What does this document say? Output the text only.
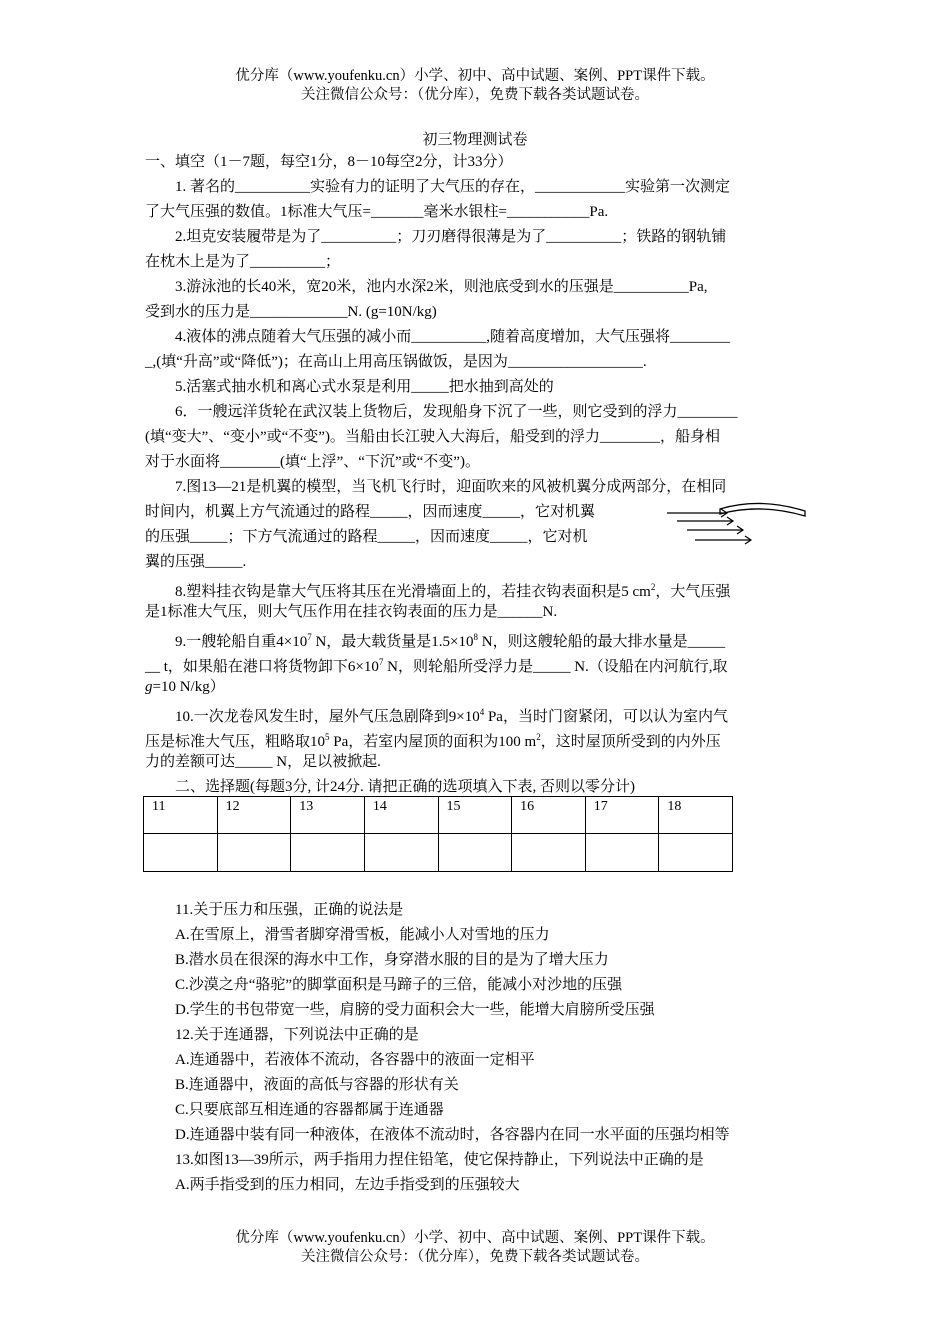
优分库（www.youfenku.cn）小学、初中、高中试题、案例、PPT课件下载。
关注微信公众号：（优分库），免费下载各类试题试卷。
初三物理测试卷
一、填空（1－7题，每空1分，8－10每空2分，计33分）
1. 著名的__________实验有力的证明了大气压的存在，____________实验第一次测定
了大气压强的数值。1标准大气压=_______毫米水银柱=___________Pa.
2.坦克安装履带是为了__________；刀刃磨得很薄是为了__________；铁路的钢轨铺
在枕木上是为了__________；
3.游泳池的长40米，宽20米，池内水深2米，则池底受到水的压强是__________Pa,
受到水的压力是_____________N. (g=10N/kg)
4.液体的沸点随着大气压强的减小而__________,随着高度增加，大气压强将________
_,(填“升高”或“降低”)；在高山上用高压锅做饭，是因为__________________.
5.活塞式抽水机和离心式水泵是利用_____把水抽到高处的
6．一艘远洋货轮在武汉装上货物后，发现船身下沉了一些，则它受到的浮力________
(填“变大”、“变小”或“不变”)。当船由长江驶入大海后，船受到的浮力________，船身相
对于水面将________(填“上浮”、“下沉”或“不变”)。
7.图13—21是机翼的模型，当飞机飞行时，迎面吹来的风被机翼分成两部分，在相同
时间内，机翼上方气流通过的路程_____，因而速度_____，它对机翼
的压强_____；下方气流通过的路程_____，因而速度_____，它对机
翼的压强_____.
8.塑料挂衣钩是靠大气压将其压在光滑墙面上的，若挂衣钩表面积是5 $cm^2$，大气压强
是1标准大气压，则大气压作用在挂衣钩表面的压力是______N.
9.一艘轮船自重$4\times 10^7$ N，最大载货量是$1.5\times 10^8$ N，则这艘轮船的最大排水量是_____
__ t，如果船在港口将货物卸下$6\times 10^7$ N，则轮船所受浮力是_____ N.（设船在内河航行,取
g=10 N/kg）
10.一次龙卷风发生时，屋外气压急剧降到$9\times 10^4$ Pa，当时门窗紧闭，可以认为室内气
压是标准大气压，粗略取$10^5$ Pa，若室内屋顶的面积为100 $m^2$，这时屋顶所受到的内外压
力的差额可达_____ N，足以被掀起.
二、选择题(每题3分, 计24分. 请把正确的选项填入下表, 否则以零分计)
11	12	13	14	15	16	17	18

11.关于压力和压强，正确的说法是
A.在雪原上，滑雪者脚穿滑雪板，能减小人对雪地的压力
B.潜水员在很深的海水中工作，身穿潜水服的目的是为了增大压力
C.沙漠之舟“骆驼”的脚掌面积是马蹄子的三倍，能减小对沙地的压强
D.学生的书包带宽一些，肩膀的受力面积会大一些，能增大肩膀所受压强
12.关于连通器，下列说法中正确的是
A.连通器中，若液体不流动，各容器中的液面一定相平
B.连通器中，液面的高低与容器的形状有关
C.只要底部互相连通的容器都属于连通器
D.连通器中装有同一种液体，在液体不流动时，各容器内在同一水平面的压强均相等
13.如图13—39所示，两手指用力捏住铅笔，使它保持静止，下列说法中正确的是
A.两手指受到的压力相同，左边手指受到的压强较大
优分库（www.youfenku.cn）小学、初中、高中试题、案例、PPT课件下载。
关注微信公众号：（优分库），免费下载各类试题试卷。
